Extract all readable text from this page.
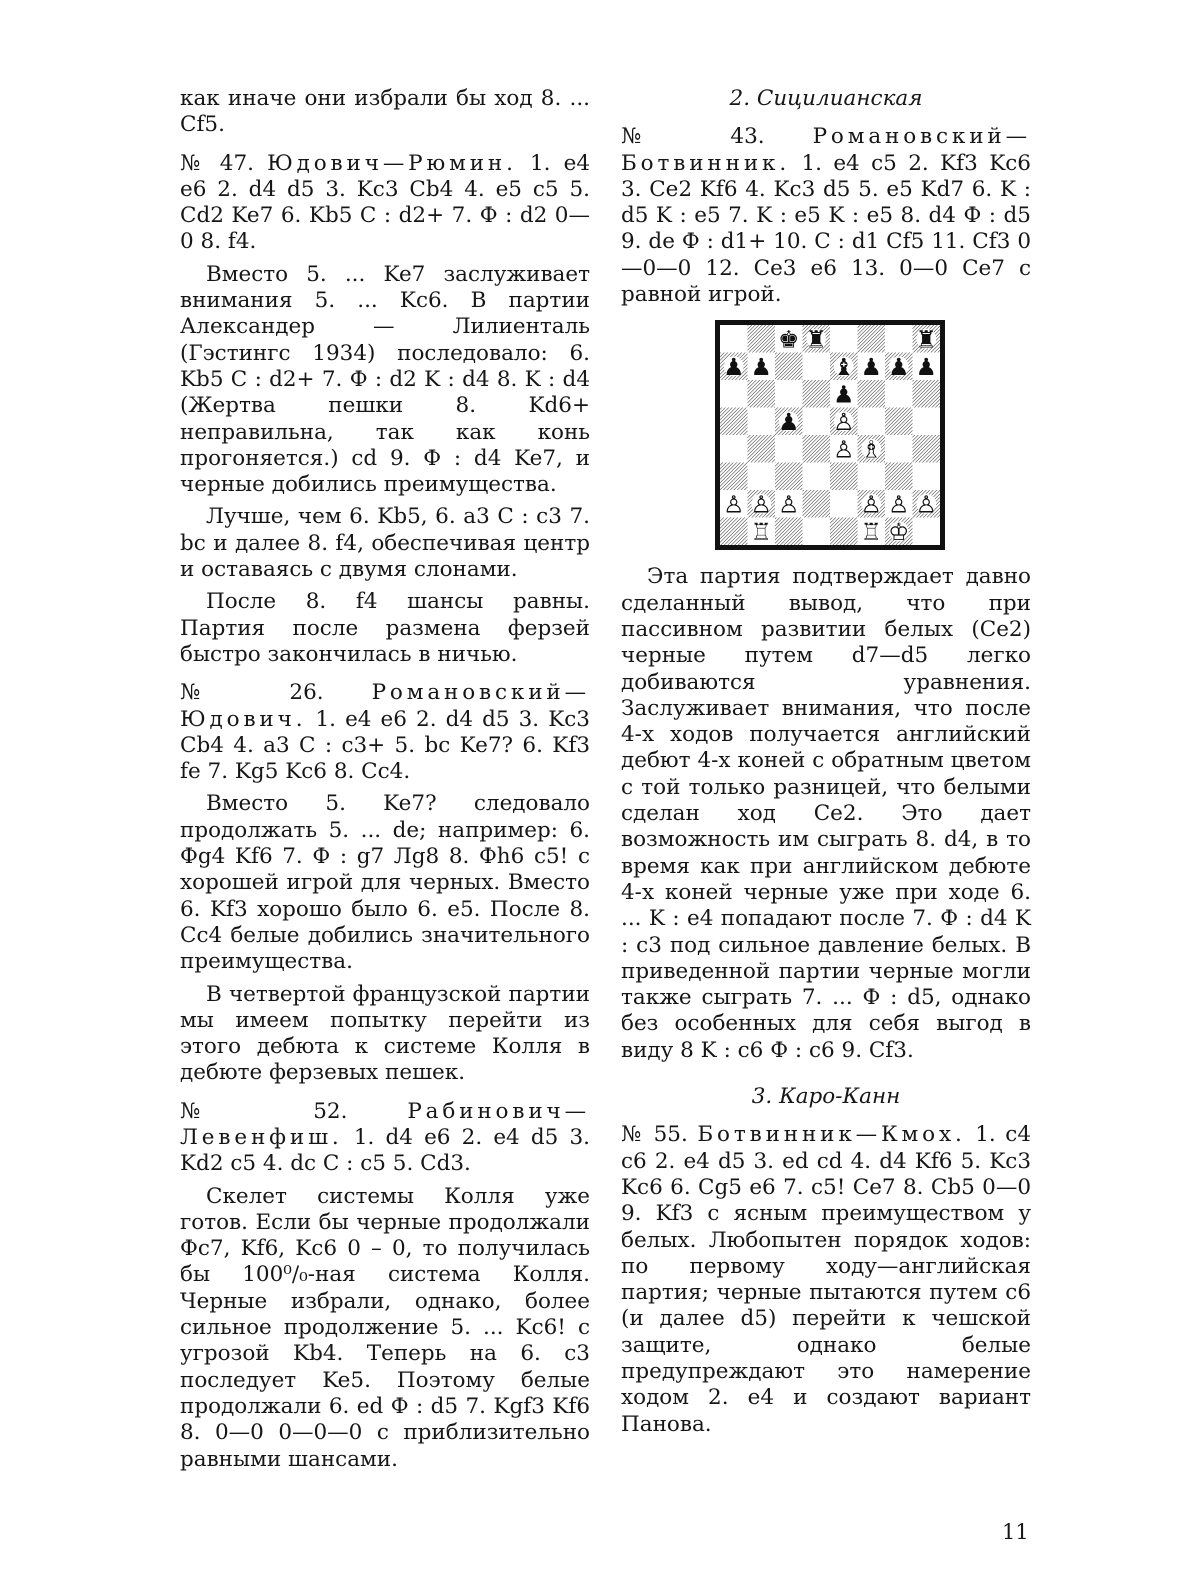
как иначе они избрали бы ход 8. ... Cf5.

№ 47. Юдович—Рюмин. 1. e4 e6 2. d4 d5 3. Kc3 Cb4 4. e5 c5 5. Cd2 Ke7 6. Kb5 C : d2+ 7. Ф : d2 0—0 8. f4.

Вместо 5. ... Ke7 заслуживает внимания 5. ... Kc6. В партии Александер — Лилиенталь (Гэстингс 1934) последовало: 6. Kb5 C : d2+ 7. Ф : d2 K : d4 8. K : d4 (Жертва пешки 8. Kd6+ неправильна, так как конь прогоняется.) cd 9. Ф : d4 Ke7, и черные добились преимущества.

Лучше, чем 6. Kb5, 6. a3 C : c3 7. bc и далее 8. f4, обеспечивая центр и оставаясь с двумя слонами.

После 8. f4 шансы равны. Партия после размена ферзей быстро закончилась в ничью.

№ 26. Романовский—Юдович. 1. e4 e6 2. d4 d5 3. Kc3 Cb4 4. a3 C : c3+ 5. bc Ke7? 6. Kf3 fe 7. Kg5 Kc6 8. Cc4.

Вместо 5. Ke7? следовало продолжать 5. ... de; например: 6. Фg4 Kf6 7. Ф : g7 Лg8 8. Фh6 c5! с хорошей игрой для черных. Вместо 6. Kf3 хорошо было 6. e5. После 8. Cc4 белые добились значительного преимущества.

В четвертой французской партии мы имеем попытку перейти из этого дебюта к системе Колля в дебюте ферзевых пешек.

№ 52.	Рабинович—Левенфиш. 1. d4 e6 2. e4 d5 3. Kd2 c5 4. dc C : c5 5. Cd3.

Скелет системы Колля уже готов. Если бы черные продолжали Фc7, Kf6, Kc6 0 – 0, то получилась бы 100⁰/₀-ная система Колля. Черные избрали, однако, более сильное продолжение 5. ... Kc6! с угрозой Kb4. Теперь на 6. c3 последует Ke5. Поэтому белые продолжали 6. ed Ф : d5 7. Kgf3 Kf6 8. 0—0 0—0—0 с приблизительно равными шансами.

2. Сицилианская

№ 43. Романовский—Ботвинник. 1. e4 c5 2. Kf3 Kc6 3. Ce2 Kf6 4. Kc3 d5 5. e5 Kd7 6. K : d5 K : e5 7. K : e5 K : e5 8. d4 Ф : d5 9. de Ф : d1+ 10. C : d1 Cf5 11. Cf3 0—0—0 12. Ce3 e6 13. 0—0 Ce7 с равной игрой.

Эта партия подтверждает давно сделанный вывод, что при пассивном развитии белых (Ce2) черные путем d7—d5 легко добиваются уравнения. Заслуживает внимания, что после 4-х ходов получается английский дебют 4-х коней с обратным цветом с той только разницей, что белыми сделан ход Ce2. Это дает возможность им сыграть 8. d4, в то время как при английском дебюте 4-х коней черные уже при ходе 6. ... K : e4 попадают после 7. Ф : d4 K : c3 под сильное давление белых. В приведенной партии черные могли также сыграть 7. ... Ф : d5, однако без особенных для себя выгод в виду 8 K : c6 Ф : c6 9. Cf3.

3. Каро-Канн

№ 55. Ботвинник—Кмох. 1. c4 c6 2. e4 d5 3. ed cd 4. d4 Kf6 5. Kc3 Kc6 6. Cg5 e6 7. c5! Ce7 8. Cb5 0—0 9. Kf3 с ясным преимуществом у белых. Любопытен порядок ходов: по первому ходу—английская партия; черные пытаются путем c6 (и далее d5) перейти к чешской защите, однако белые предупреждают это намерение ходом 2. e4 и создают вариант Панова.

11
